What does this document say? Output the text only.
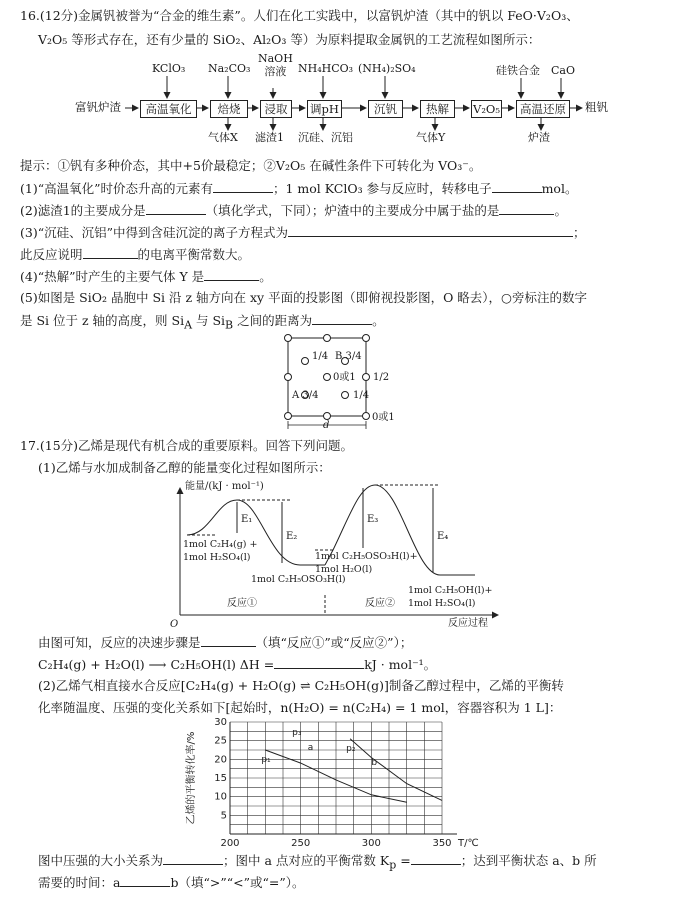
16.(12分)金属钒被誉为“合金的维生素”。人们在化工实践中，以富钒炉渣（其中的钒以 FeO·V₂O₃、
V₂O₅ 等形式存在，还有少量的 SiO₂、Al₂O₃ 等）为原料提取金属钒的工艺流程如图所示：
富钒炉渣	高温氧化	焙烧	浸取	调pH	沉钒	热解	V₂O₅	高温还原	粗钒
KClO₃ Na₂CO₃
NaOH
溶液	NH₄HCO₃ (NH₄)₂SO₄	硅铁合金 CaO
气体X 滤渣1 沉硅、沉铝	气体Y	炉渣
提示：①钒有多种价态，其中+5价最稳定；②V₂O₅ 在碱性条件下可转化为 VO₃⁻。
(1)“高温氧化”时价态升高的元素有	；1 mol KClO₃ 参与反应时，转移电子	mol。
(2)滤渣1的主要成分是	（填化学式，下同）；炉渣中的主要成分中属于盐的是	。
(3)“沉硅、沉铝”中得到含硅沉淀的离子方程式为	；
此反应说明	的电离平衡常数大。
(4)“热解”时产生的主要气体 Y 是	。
(5)如图是 SiO₂ 晶胞中 Si 沿 z 轴方向在 xy 平面的投影图（即俯视投影图，O 略去），○旁标注的数字
是 Si 位于 z 轴的高度，则 $Si_A$ 与 $Si_B$ 之间的距离为	。
1/4 B 3/4
0或1 1/2
A 3/4	1/4
d
0或1
17.(15分)乙烯是现代有机合成的重要原料。回答下列问题。
(1)乙烯与水加成制备乙醇的能量变化过程如图所示：
能量/(kJ · mol⁻¹)
O	反应过程
反应①	反应②
E₁
E₂
E₃
E₄
1mol C₂H₄(g) +
1mol H₂SO₄(l)
1mol C₂H₅OSO₃H(l)
1mol C₂H₅OSO₃H(l)+
1mol H₂O(l)
1mol C₂H₅OH(l)+
1mol H₂SO₄(l)
由图可知，反应的决速步骤是	（填“反应①”或“反应②”）；
C₂H₄(g) + H₂O(l) ⟶ C₂H₅OH(l) ΔH =	kJ · mol⁻¹。
(2)乙烯气相直接水合反应[C₂H₄(g) + H₂O(g) ⇌ C₂H₅OH(g)]制备乙醇过程中，乙烯的平衡转
化率随温度、压强的变化关系如下[起始时，n(H₂O) = n(C₂H₄) = 1 mol，容器容积为 1 L]：
200	250	300	350
5
10
15
20
25
30
T/℃
乙烯的平衡转化率/%	p₁
p₂
p₃
a
b
图中压强的大小关系为	；图中 a 点对应的平衡常数 $K_p$ =	；达到平衡状态 a、b 所
需要的时间：a	b（填“>”“<”或“=”）。
